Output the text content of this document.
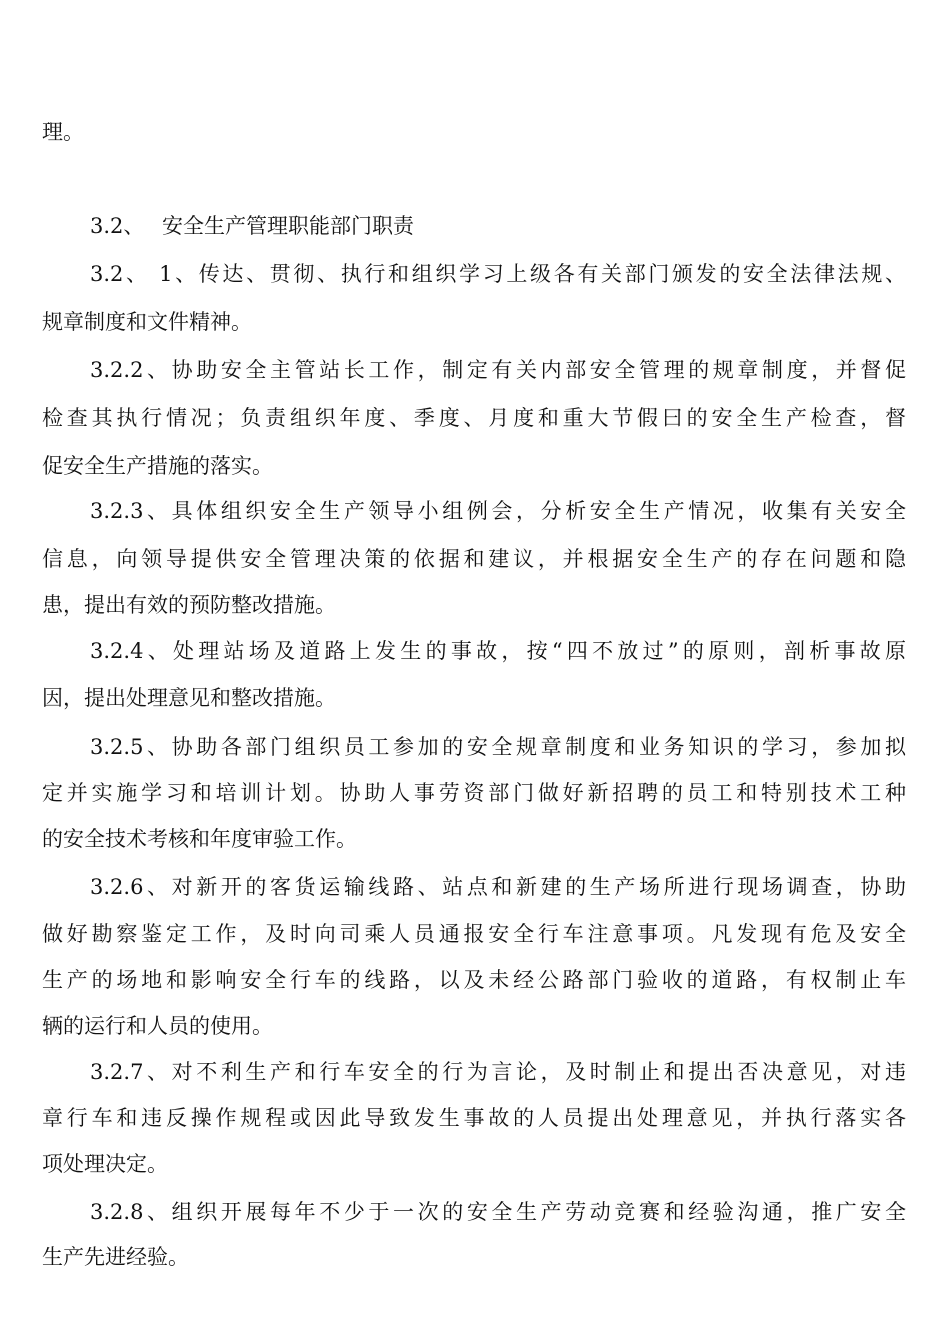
理。
3.2、 安全生产管理职能部门职责
3.2、 1、传达、贯彻、执行和组织学习上级各有关部门颁发的安全法律法规、
规章制度和文件精神。
3.2.2、协助安全主管站长工作，制定有关内部安全管理的规章制度，并督促
检查其执行情况；负责组织年度、季度、月度和重大节假曰的安全生产检查，督
促安全生产措施的落实。
3.2.3、具体组织安全生产领导小组例会，分析安全生产情况，收集有关安全
信息，向领导提供安全管理决策的依据和建议，并根据安全生产的存在问题和隐
患，提出有效的预防整改措施。
3.2.4、处理站场及道路上发生的事故，按“四不放过”的原则，剖析事故原
因，提出处理意见和整改措施。
3.2.5、协助各部门组织员工参加的安全规章制度和业务知识的学习，参加拟
定并实施学习和培训计划。协助人事劳资部门做好新招聘的员工和特别技术工种
的安全技术考核和年度审验工作。
3.2.6、对新开的客货运输线路、站点和新建的生产场所进行现场调查，协助
做好勘察鉴定工作，及时向司乘人员通报安全行车注意事项。凡发现有危及安全
生产的场地和影响安全行车的线路，以及未经公路部门验收的道路，有权制止车
辆的运行和人员的使用。
3.2.7、对不利生产和行车安全的行为言论，及时制止和提出否决意见，对违
章行车和违反操作规程或因此导致发生事故的人员提出处理意见，并执行落实各
项处理决定。
3.2.8、组织开展每年不少于一次的安全生产劳动竞赛和经验沟通，推广安全
生产先进经验。
